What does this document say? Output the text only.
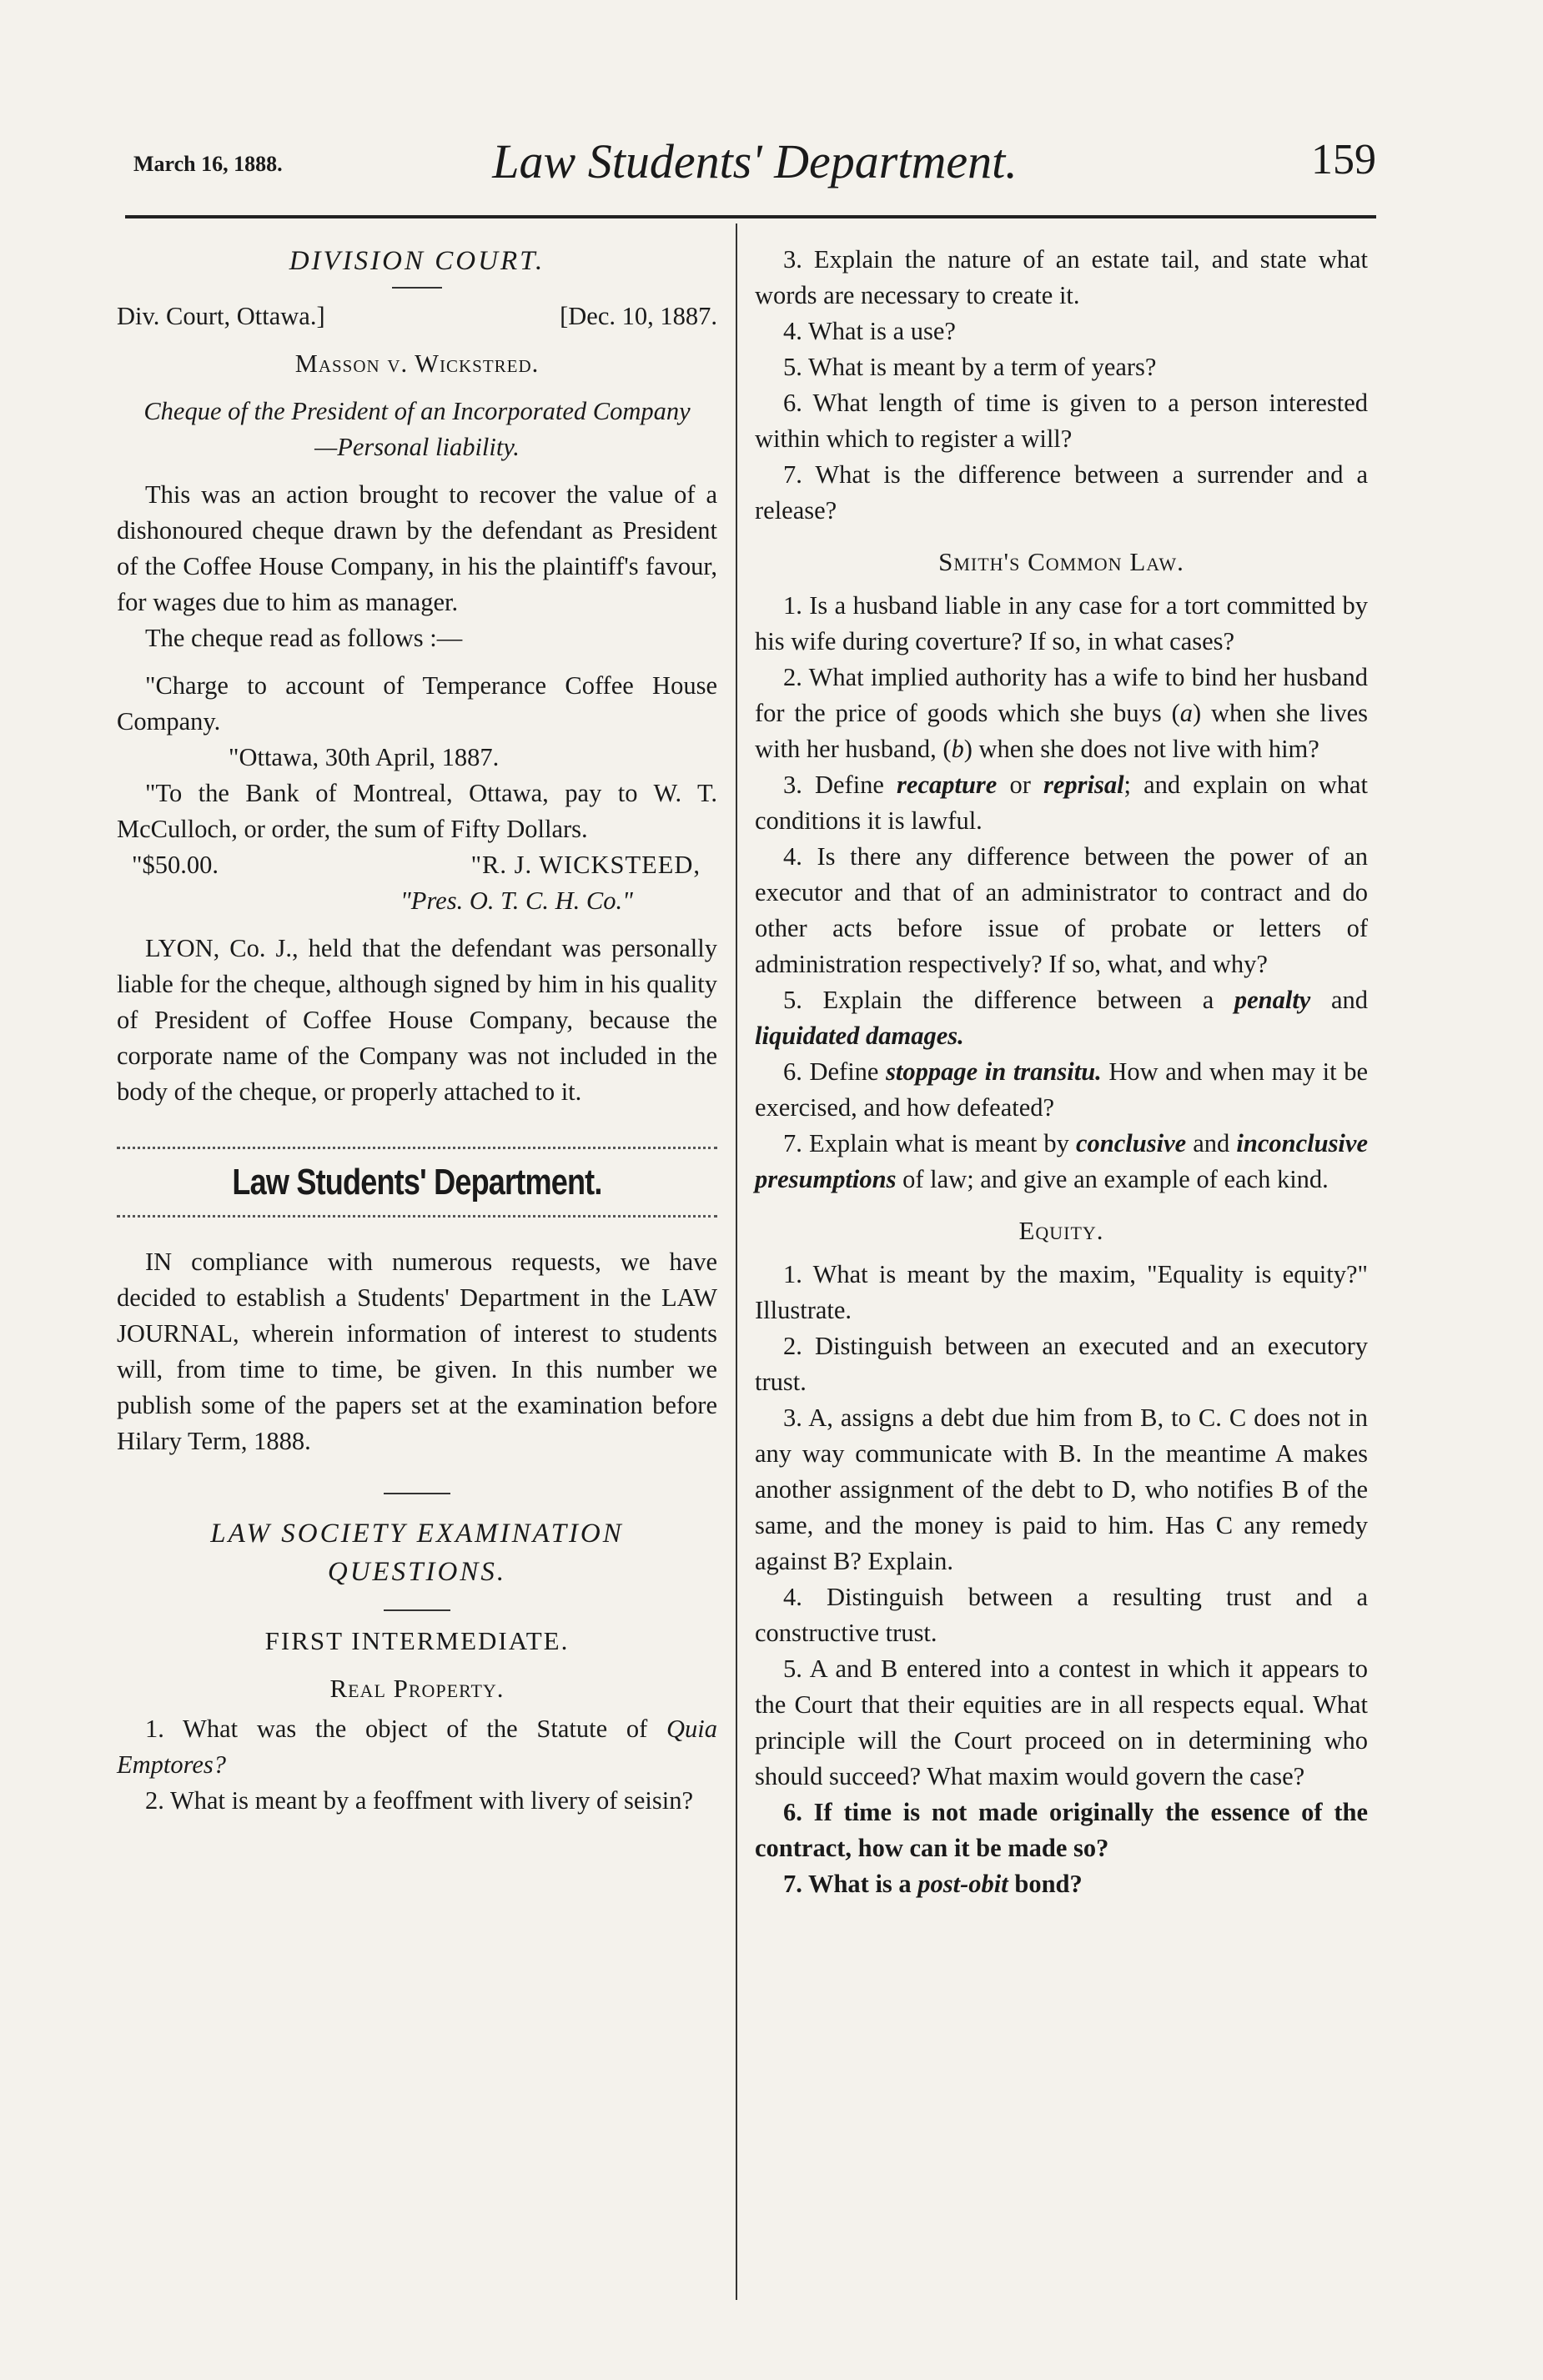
March 16, 1888.	Law Students' Department.	159
DIVISION COURT.
Div. Court, Ottawa.]	[Dec. 10, 1887.
Masson v. Wickstred.
Cheque of the President of an Incorporated Company—Personal liability.

This was an action brought to recover the value of a dishonoured cheque drawn by the defendant as President of the Coffee House Company, in his the plaintiff's favour, for wages due to him as manager.

The cheque read as follows :—

"Charge to account of Temperance Coffee House Company.

"Ottawa, 30th April, 1887.

"To the Bank of Montreal, Ottawa, pay to W. T. McCulloch, or order, the sum of Fifty Dollars.

"$50.00.	"R. J. WICKSTEED,
"Pres. O. T. C. H. Co."

LYON, Co. J., held that the defendant was personally liable for the cheque, although signed by him in his quality of President of Coffee House Company, because the corporate name of the Company was not included in the body of the cheque, or properly attached to it.

Law Students' Department.

IN compliance with numerous requests, we have decided to establish a Students' Department in the LAW JOURNAL, wherein information of interest to students will, from time to time, be given. In this number we publish some of the papers set at the examination before Hilary Term, 1888.

LAW SOCIETY EXAMINATION QUESTIONS.
FIRST INTERMEDIATE.
Real Property.

1. What was the object of the Statute of Quia Emptores?

2. What is meant by a feoffment with livery of seisin?

3. Explain the nature of an estate tail, and state what words are necessary to create it.

4. What is a use?

5. What is meant by a term of years?

6. What length of time is given to a person interested within which to register a will?

7. What is the difference between a surrender and a release?

Smith's Common Law.

1. Is a husband liable in any case for a tort committed by his wife during coverture? If so, in what cases?

2. What implied authority has a wife to bind her husband for the price of goods which she buys (a) when she lives with her husband, (b) when she does not live with him?

3. Define recapture or reprisal; and explain on what conditions it is lawful.

4. Is there any difference between the power of an executor and that of an administrator to contract and do other acts before issue of probate or letters of administration respectively? If so, what, and why?

5. Explain the difference between a penalty and liquidated damages.

6. Define stoppage in transitu. How and when may it be exercised, and how defeated?

7. Explain what is meant by conclusive and inconclusive presumptions of law; and give an example of each kind.

Equity.

1. What is meant by the maxim, "Equality is equity?" Illustrate.

2. Distinguish between an executed and an executory trust.

3. A, assigns a debt due him from B, to C. C does not in any way communicate with B. In the meantime A makes another assignment of the debt to D, who notifies B of the same, and the money is paid to him. Has C any remedy against B? Explain.

4. Distinguish between a resulting trust and a constructive trust.

5. A and B entered into a contest in which it appears to the Court that their equities are in all respects equal. What principle will the Court proceed on in determining who should succeed? What maxim would govern the case?

6. If time is not made originally the essence of the contract, how can it be made so?

7. What is a post-obit bond?
